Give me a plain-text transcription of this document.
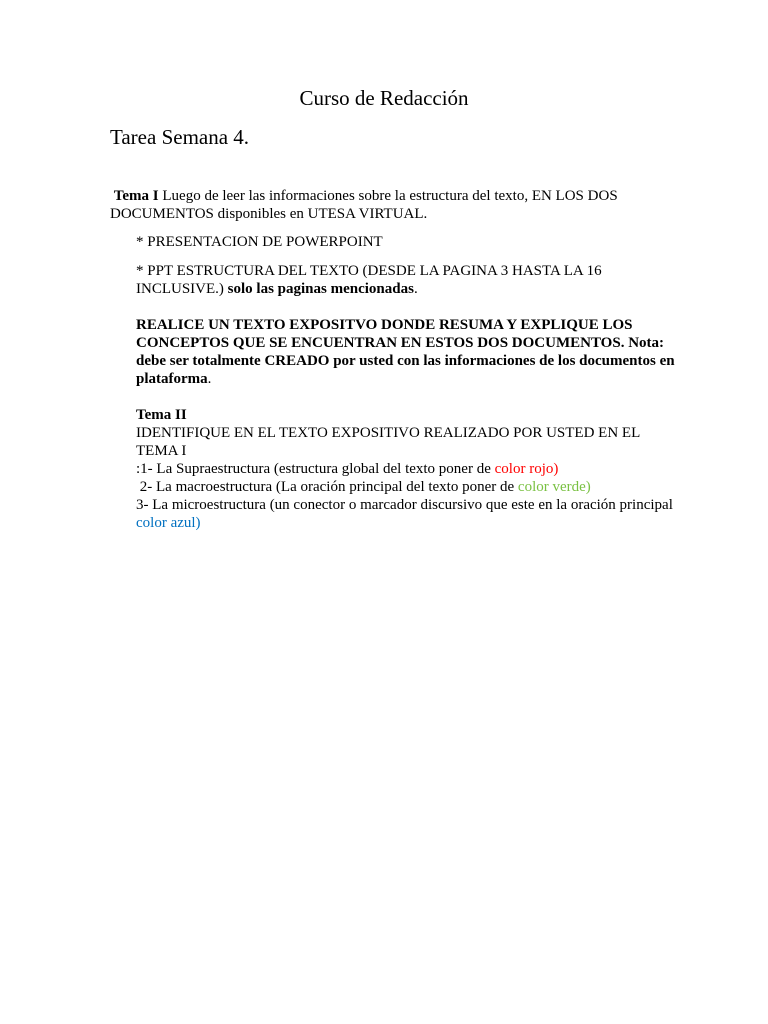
Curso de Redacción
Tarea Semana 4.

Tema I Luego de leer las informaciones sobre la estructura del texto, EN LOS DOS DOCUMENTOS disponibles en UTESA VIRTUAL.

* PRESENTACION DE POWERPOINT

* PPT ESTRUCTURA DEL TEXTO (DESDE LA PAGINA 3 HASTA LA 16 INCLUSIVE.) solo las paginas mencionadas.

REALICE UN TEXTO EXPOSITVO DONDE RESUMA Y EXPLIQUE LOS CONCEPTOS QUE SE ENCUENTRAN EN ESTOS DOS DOCUMENTOS. Nota: debe ser totalmente CREADO por usted con las informaciones de los documentos en plataforma.

Tema II
IDENTIFIQUE EN EL TEXTO EXPOSITIVO REALIZADO POR USTED EN EL TEMA I
:1- La Supraestructura (estructura global del texto poner de color rojo)
2- La macroestructura (La oración principal del texto poner de color verde)
3- La microestructura (un conector o marcador discursivo que este en la oración principal color azul)
